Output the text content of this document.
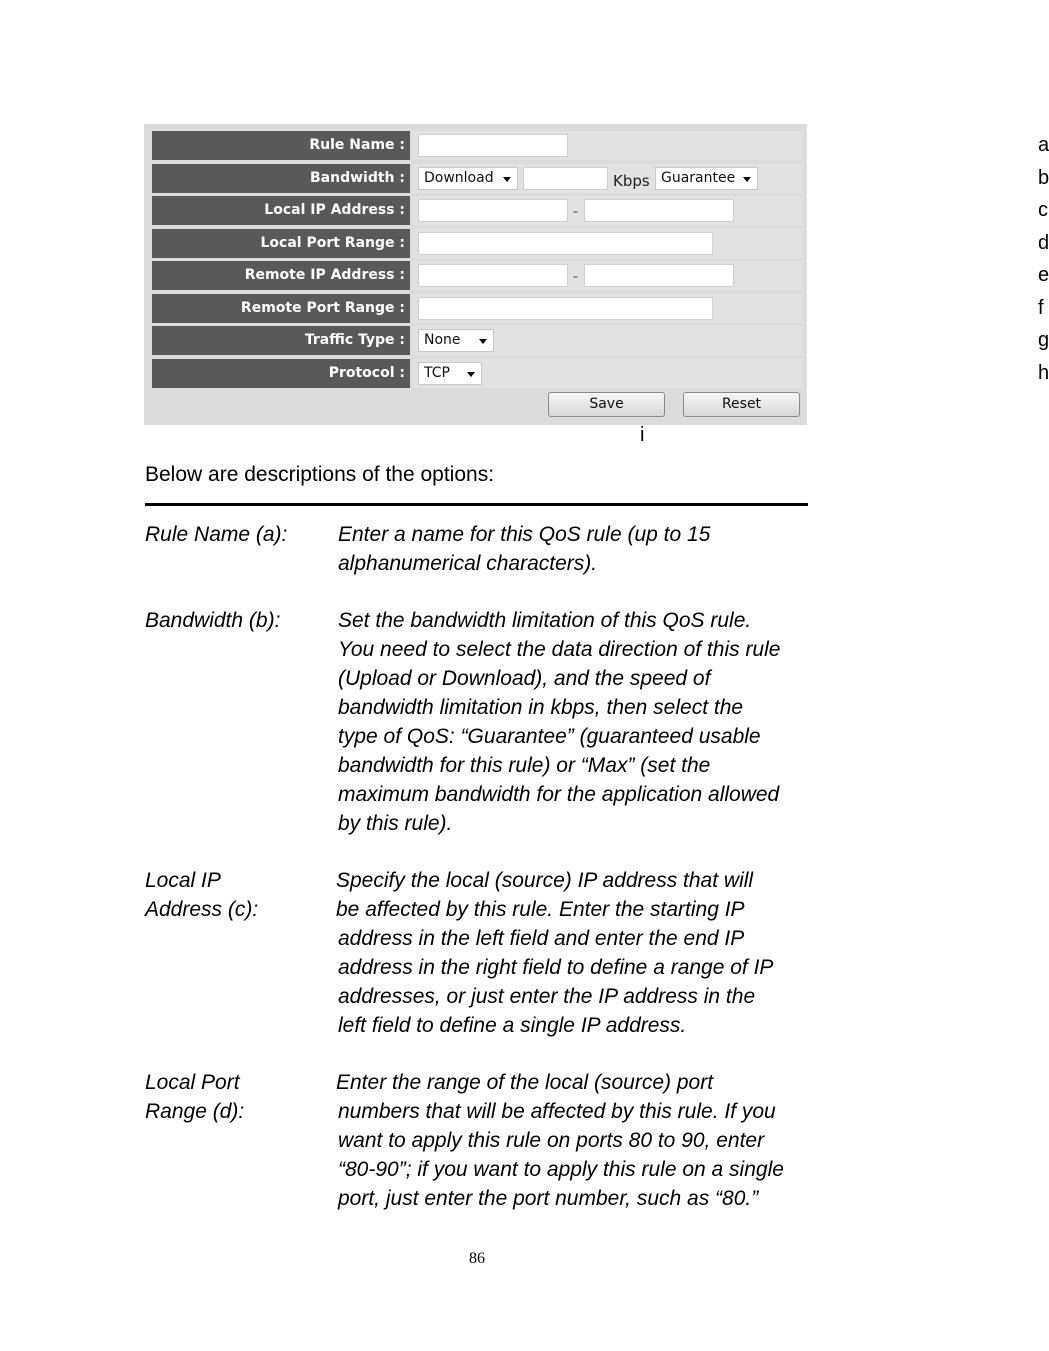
Rule Name :	a
Bandwidth :	Download	Kbps Guarantee	b
Local IP Address :	-	c
Local Port Range :	d
Remote IP Address :	-	e
Remote Port Range :	f
Traffic Type :	None	g
Protocol :	TCP	h
Save	Reset
i
Below are descriptions of the options:
Rule Name (a): Enter a name for this QoS rule (up to 15
alphanumerical characters).
Bandwidth (b):	Set the bandwidth limitation of this QoS rule.
You need to select the data direction of this rule
(Upload or Download), and the speed of
bandwidth limitation in kbps, then select the
type of QoS: “Guarantee” (guaranteed usable
bandwidth for this rule) or “Max” (set the
maximum bandwidth for the application allowed
by this rule).
Local IP
Address (c):
Specify the local (source) IP address that will
be affected by this rule. Enter the starting IP
address in the left field and enter the end IP
address in the right field to define a range of IP
addresses, or just enter the IP address in the
left field to define a single IP address.
Local Port
Range (d):
Enter the range of the local (source) port
numbers that will be affected by this rule. If you
want to apply this rule on ports 80 to 90, enter
“80-90”; if you want to apply this rule on a single
port, just enter the port number, such as “80.”
86
